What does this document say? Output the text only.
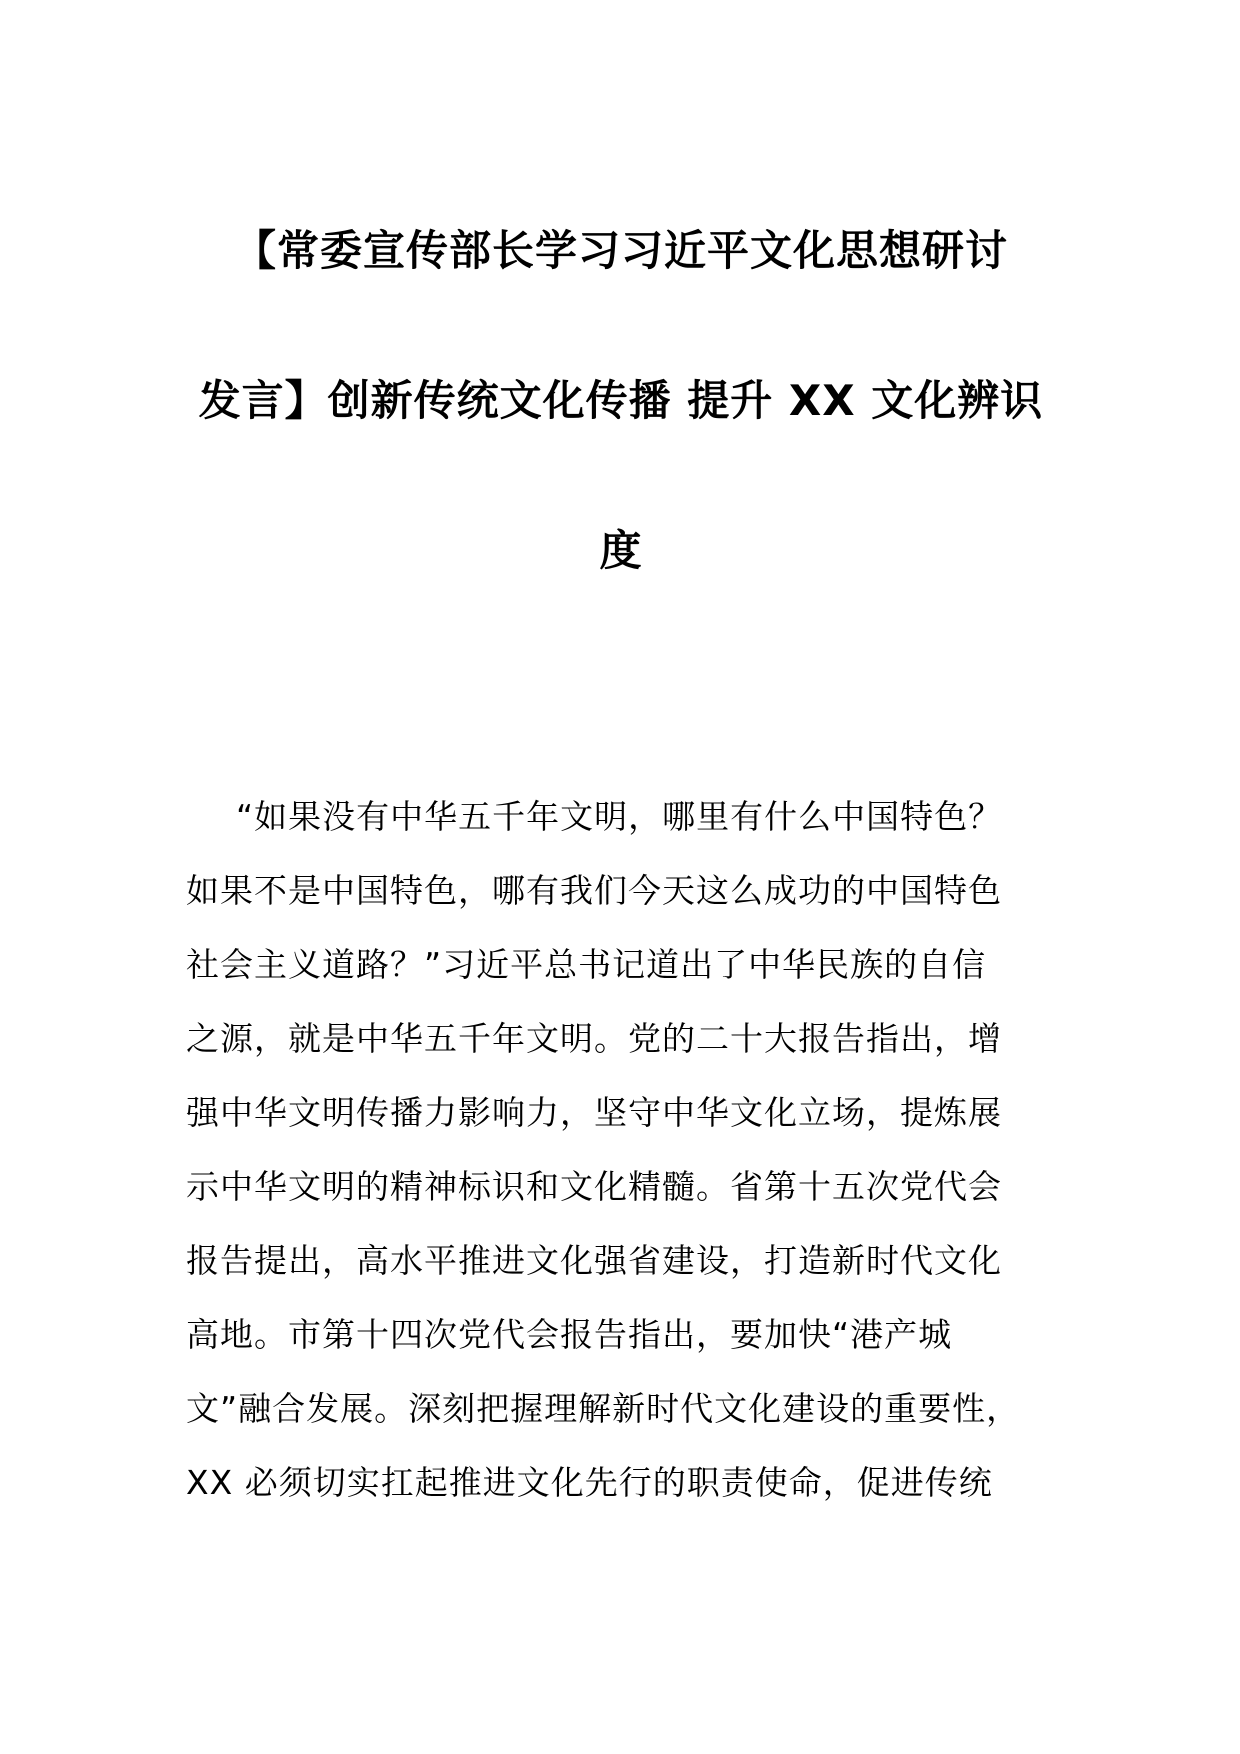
【常委宣传部长学习习近平文化思想研讨
发言】创新传统文化传播 提升 XX 文化辨识
度
“如果没有中华五千年文明，哪里有什么中国特色？
如果不是中国特色，哪有我们今天这么成功的中国特色
社会主义道路？”习近平总书记道出了中华民族的自信
之源，就是中华五千年文明。党的二十大报告指出，增
强中华文明传播力影响力，坚守中华文化立场，提炼展
示中华文明的精神标识和文化精髓。省第十五次党代会
报告提出，高水平推进文化强省建设，打造新时代文化
高地。市第十四次党代会报告指出，要加快“港产城
文”融合发展。深刻把握理解新时代文化建设的重要性，
XX 必须切实扛起推进文化先行的职责使命，促进传统
